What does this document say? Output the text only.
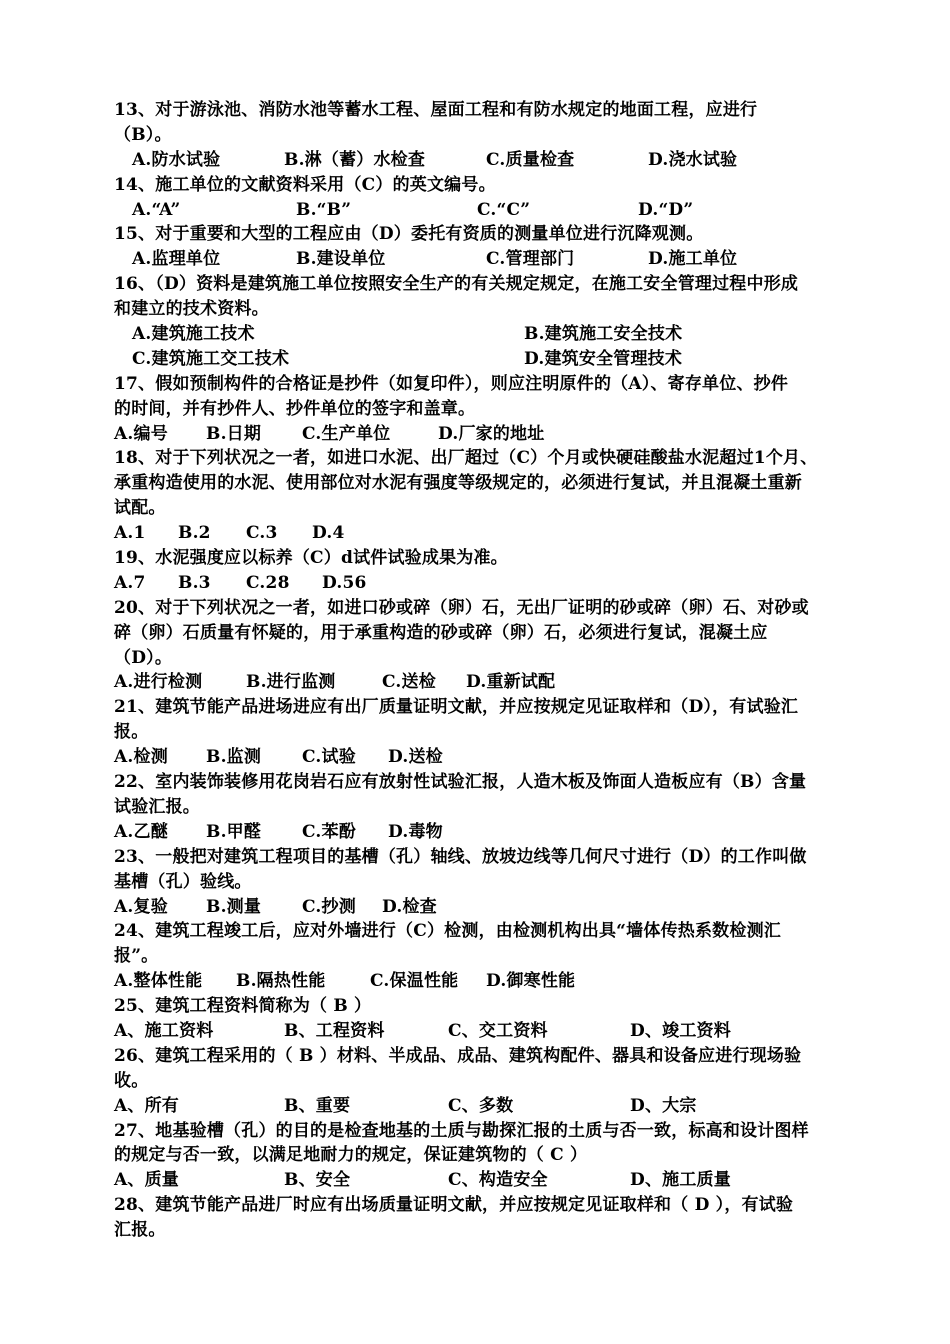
13、对于游泳池、消防水池等蓄水工程、屋面工程和有防水规定的地面工程，应进行
（B）。
A.防水试验	B.淋（蓄）水检查	C.质量检查	D.浇水试验
14、施工单位的文献资料采用（C）的英文编号。
A.“A”	B.“B”	C.“C”	D.“D”
15、对于重要和大型的工程应由（D）委托有资质的测量单位进行沉降观测。
A.监理单位	B.建设单位	C.管理部门	D.施工单位
16、（D）资料是建筑施工单位按照安全生产的有关规定规定，在施工安全管理过程中形成
和建立的技术资料。
A.建筑施工技术	B.建筑施工安全技术
C.建筑施工交工技术	D.建筑安全管理技术
17、假如预制构件的合格证是抄件（如复印件），则应注明原件的（A）、寄存单位、抄件
的时间，并有抄件人、抄件单位的签字和盖章。
A.编号 B.日期 C.生产单位	D.厂家的地址
18、对于下列状况之一者，如进口水泥、出厂超过（C）个月或快硬硅酸盐水泥超过1个月、
承重构造使用的水泥、使用部位对水泥有强度等级规定的，必须进行复试，并且混凝土重新
试配。
A.1 B.2 C.3 D.4
19、水泥强度应以标养（C）d试件试验成果为准。
A.7 B.3 C.28 D.56
20、对于下列状况之一者，如进口砂或碎（卵）石，无出厂证明的砂或碎（卵）石、对砂或
碎（卵）石质量有怀疑的，用于承重构造的砂或碎（卵）石，必须进行复试，混凝土应
（D）。
A.进行检测	B.进行监测	C.送检 D.重新试配
21、建筑节能产品进场进应有出厂质量证明文献，并应按规定见证取样和（D），有试验汇
报。
A.检测 B.监测 C.试验 D.送检
22、室内装饰装修用花岗岩石应有放射性试验汇报，人造木板及饰面人造板应有（B）含量
试验汇报。
A.乙醚 B.甲醛 C.苯酚 D.毒物
23、一般把对建筑工程项目的基槽（孔）轴线、放坡边线等几何尺寸进行（D）的工作叫做
基槽（孔）验线。
A.复验 B.测量 C.抄测 D.检查
24、建筑工程竣工后，应对外墙进行（C）检测，由检测机构出具“墙体传热系数检测汇
报”。
A.整体性能 B.隔热性能	C.保温性能 D.御寒性能
25、建筑工程资料简称为（ B ）
A、施工资料	B、工程资料	C、交工资料	D、竣工资料
26、建筑工程采用的（ B ）材料、半成品、成品、建筑构配件、器具和设备应进行现场验
收。
A、所有	B、重要	C、多数	D、大宗
27、地基验槽（孔）的目的是检查地基的土质与勘探汇报的土质与否一致，标高和设计图样
的规定与否一致，以满足地耐力的规定，保证建筑物的（ C ）
A、质量	B、安全	C、构造安全	D、施工质量
28、建筑节能产品进厂时应有出场质量证明文献，并应按规定见证取样和（ D ），有试验
汇报。
